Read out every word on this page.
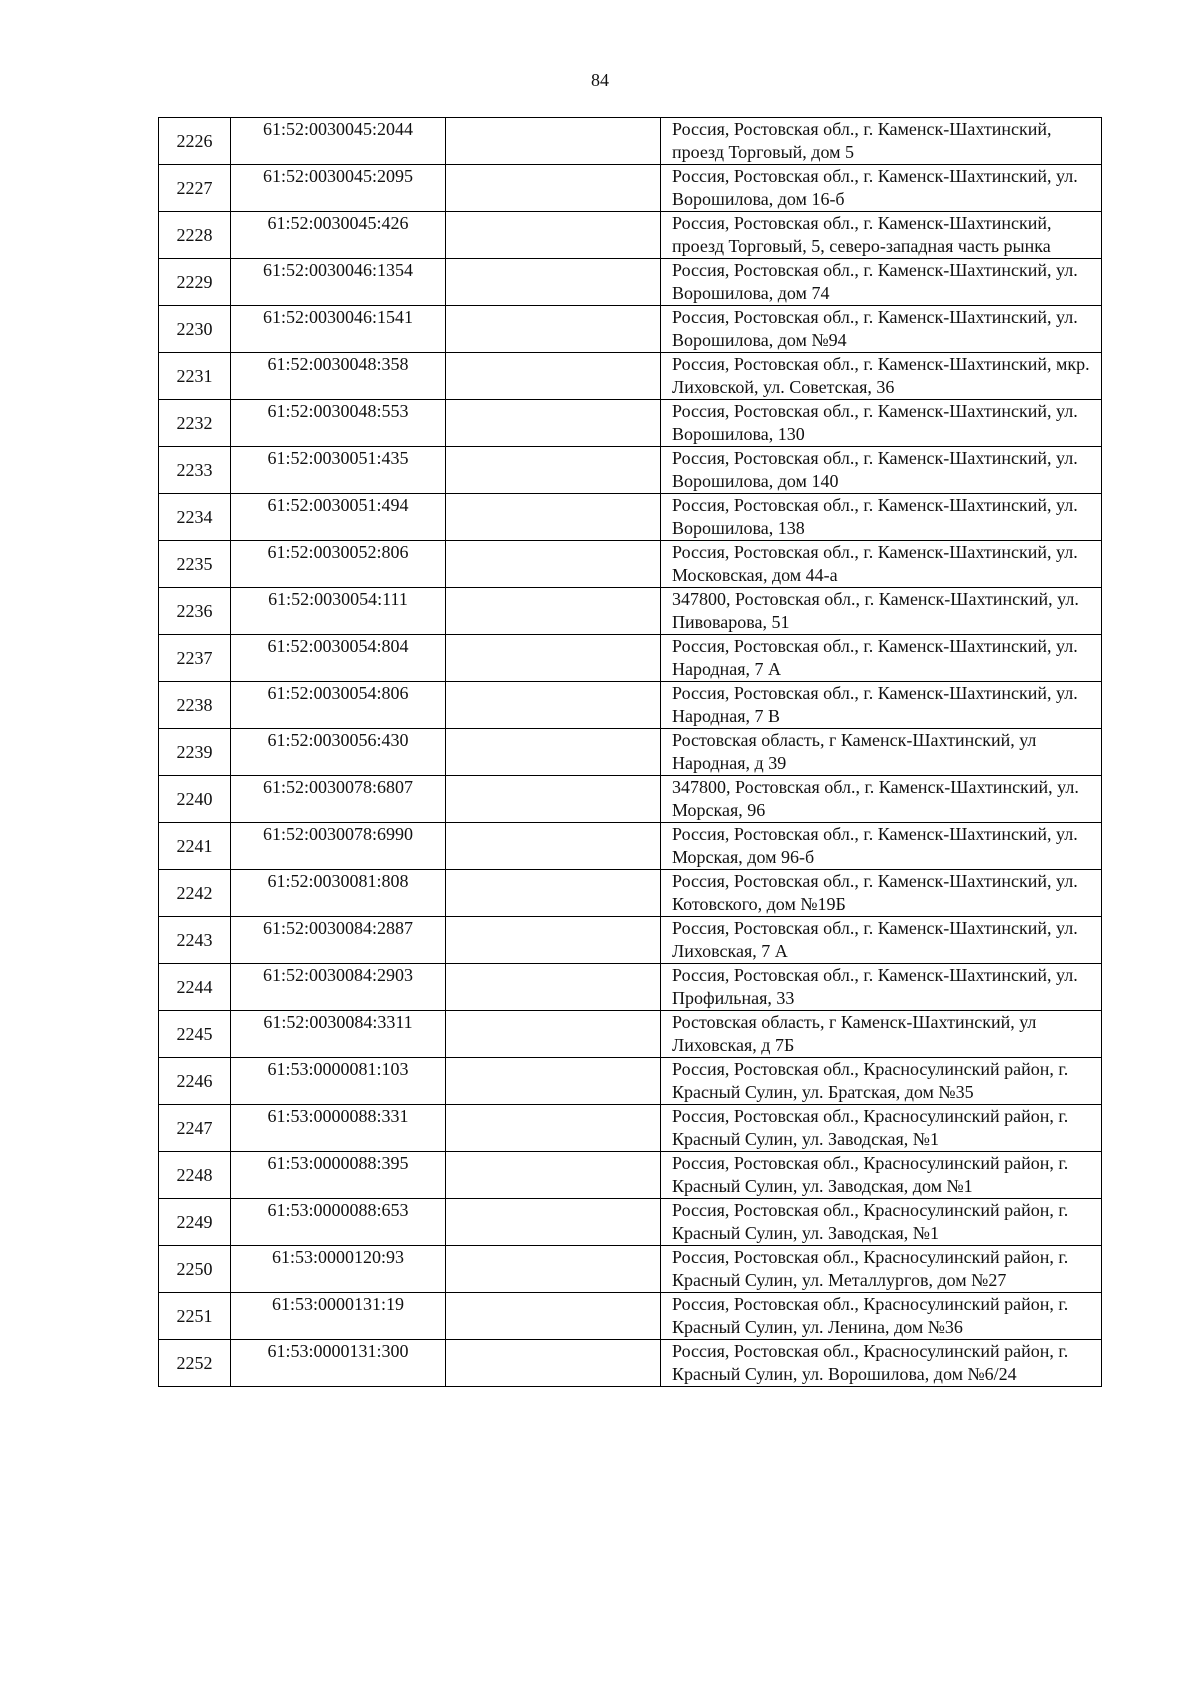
84
2226	61:52:0030045:2044		Россия, Ростовская обл., г. Каменск-Шахтинский, проезд Торговый, дом 5
2227	61:52:0030045:2095		Россия, Ростовская обл., г. Каменск-Шахтинский, ул. Ворошилова, дом 16-б
2228	61:52:0030045:426		Россия, Ростовская обл., г. Каменск-Шахтинский, проезд Торговый, 5, северо-западная часть рынка
2229	61:52:0030046:1354		Россия, Ростовская обл., г. Каменск-Шахтинский, ул. Ворошилова, дом 74
2230	61:52:0030046:1541		Россия, Ростовская обл., г. Каменск-Шахтинский, ул. Ворошилова, дом №94
2231	61:52:0030048:358		Россия, Ростовская обл., г. Каменск-Шахтинский, мкр. Лиховской, ул. Советская, 36
2232	61:52:0030048:553		Россия, Ростовская обл., г. Каменск-Шахтинский, ул. Ворошилова, 130
2233	61:52:0030051:435		Россия, Ростовская обл., г. Каменск-Шахтинский, ул. Ворошилова, дом 140
2234	61:52:0030051:494		Россия, Ростовская обл., г. Каменск-Шахтинский, ул. Ворошилова, 138
2235	61:52:0030052:806		Россия, Ростовская обл., г. Каменск-Шахтинский, ул. Московская, дом 44-а
2236	61:52:0030054:111		347800, Ростовская обл., г. Каменск-Шахтинский, ул. Пивоварова, 51
2237	61:52:0030054:804		Россия, Ростовская обл., г. Каменск-Шахтинский, ул. Народная, 7 А
2238	61:52:0030054:806		Россия, Ростовская обл., г. Каменск-Шахтинский, ул. Народная, 7 В
2239	61:52:0030056:430		Ростовская область, г Каменск-Шахтинский, ул Народная, д 39
2240	61:52:0030078:6807		347800, Ростовская обл., г. Каменск-Шахтинский, ул. Морская, 96
2241	61:52:0030078:6990		Россия, Ростовская обл., г. Каменск-Шахтинский, ул. Морская, дом 96-б
2242	61:52:0030081:808		Россия, Ростовская обл., г. Каменск-Шахтинский, ул. Котовского, дом №19Б
2243	61:52:0030084:2887		Россия, Ростовская обл., г. Каменск-Шахтинский, ул. Лиховская, 7 А
2244	61:52:0030084:2903		Россия, Ростовская обл., г. Каменск-Шахтинский, ул. Профильная, 33
2245	61:52:0030084:3311		Ростовская область, г Каменск-Шахтинский, ул Лиховская, д 7Б
2246	61:53:0000081:103		Россия, Ростовская обл., Красносулинский район, г. Красный Сулин, ул. Братская, дом №35
2247	61:53:0000088:331		Россия, Ростовская обл., Красносулинский район, г. Красный Сулин, ул. Заводская, №1
2248	61:53:0000088:395		Россия, Ростовская обл., Красносулинский район, г. Красный Сулин, ул. Заводская, дом №1
2249	61:53:0000088:653		Россия, Ростовская обл., Красносулинский район, г. Красный Сулин, ул. Заводская, №1
2250	61:53:0000120:93		Россия, Ростовская обл., Красносулинский район, г. Красный Сулин, ул. Металлургов, дом №27
2251	61:53:0000131:19		Россия, Ростовская обл., Красносулинский район, г. Красный Сулин, ул. Ленина, дом №36
2252	61:53:0000131:300		Россия, Ростовская обл., Красносулинский район, г. Красный Сулин, ул. Ворошилова, дом №6/24
